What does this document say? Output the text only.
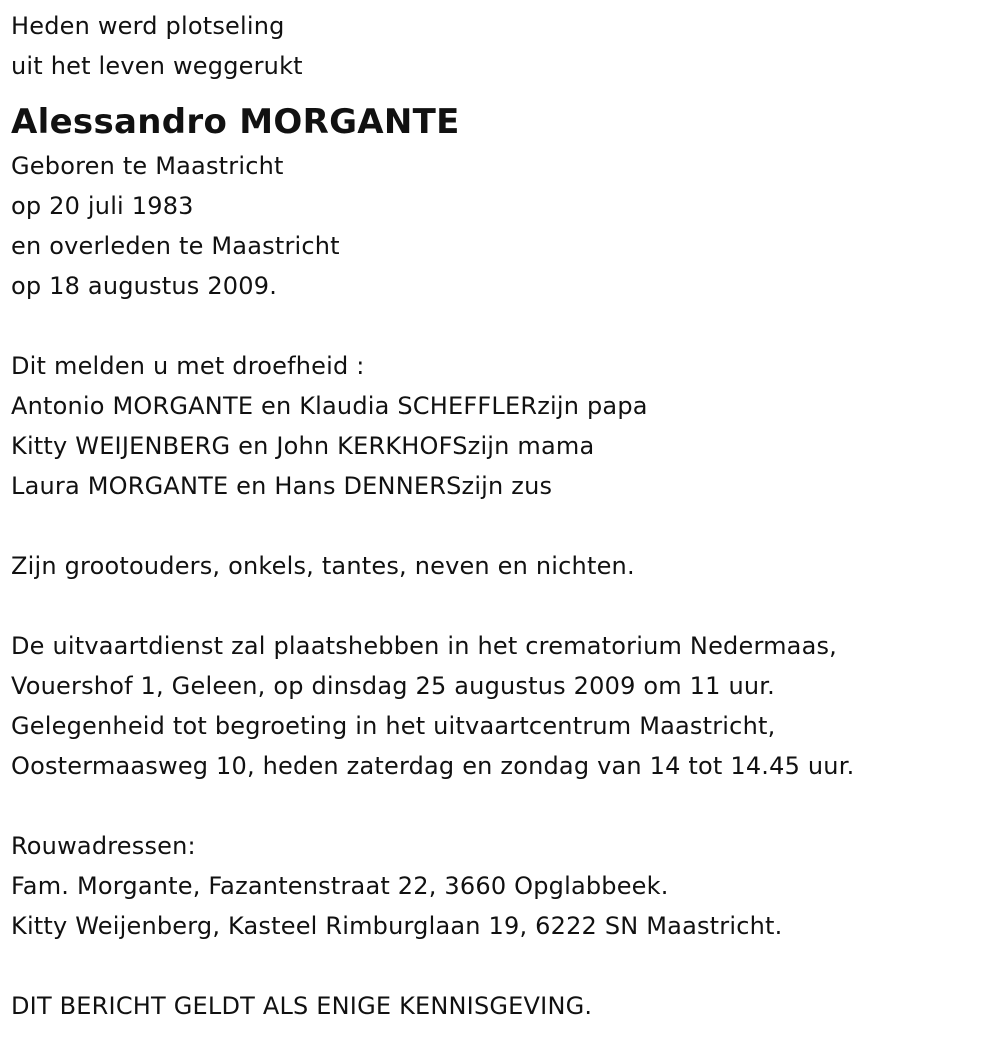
Heden werd plotseling
uit het leven weggerukt
Alessandro MORGANTE
Geboren te Maastricht
op 20 juli 1983
en overleden te Maastricht
op 18 augustus 2009.
Dit melden u met droefheid :
Antonio MORGANTE en Klaudia SCHEFFLERzijn papa
Kitty WEIJENBERG en John KERKHOFSzijn mama
Laura MORGANTE en Hans DENNERSzijn zus
Zijn grootouders, onkels, tantes, neven en nichten.
De uitvaartdienst zal plaatshebben in het crematorium Nedermaas,
Vouershof 1, Geleen, op dinsdag 25 augustus 2009 om 11 uur.
Gelegenheid tot begroeting in het uitvaartcentrum Maastricht,
Oostermaasweg 10, heden zaterdag en zondag van 14 tot 14.45 uur.
Rouwadressen:
Fam. Morgante, Fazantenstraat 22, 3660 Opglabbeek.
Kitty Weijenberg, Kasteel Rimburglaan 19, 6222 SN Maastricht.
DIT BERICHT GELDT ALS ENIGE KENNISGEVING.
